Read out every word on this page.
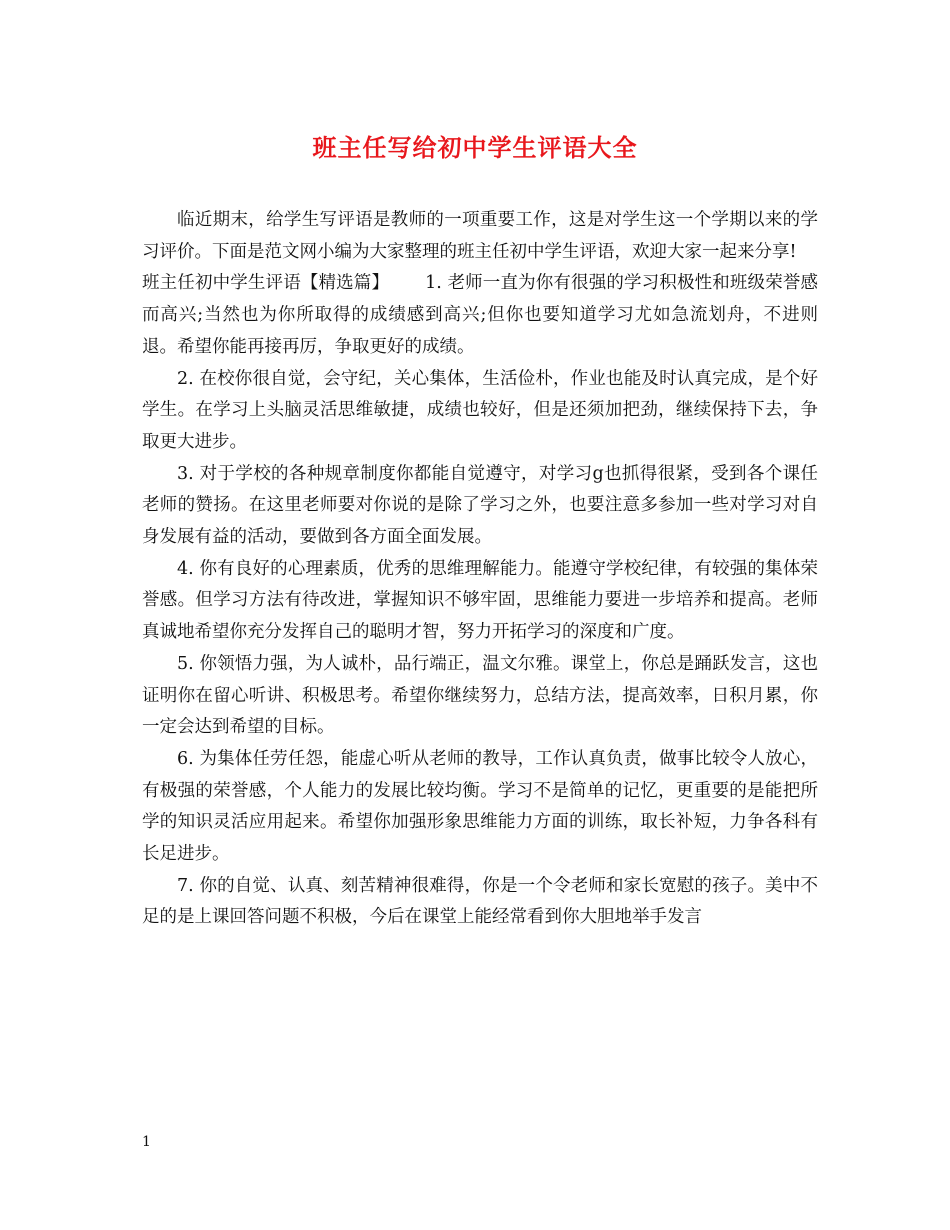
班主任写给初中学生评语大全

临近期末，给学生写评语是教师的一项重要工作，这是对学生这一个学期以来的学习评价。下面是范文网小编为大家整理的班主任初中学生评语，欢迎大家一起来分享!

班主任初中学生评语【精选篇】 1. 老师一直为你有很强的学习积极性和班级荣誉感而高兴;当然也为你所取得的成绩感到高兴;但你也要知道学习尤如急流划舟，不进则退。希望你能再接再厉，争取更好的成绩。

2. 在校你很自觉，会守纪，关心集体，生活俭朴，作业也能及时认真完成，是个好学生。在学习上头脑灵活思维敏捷，成绩也较好，但是还须加把劲，继续保持下去，争取更大进步。

3. 对于学校的各种规章制度你都能自觉遵守，对学习g也抓得很紧，受到各个课任老师的赞扬。在这里老师要对你说的是除了学习之外，也要注意多参加一些对学习对自身发展有益的活动，要做到各方面全面发展。

4. 你有良好的心理素质，优秀的思维理解能力。能遵守学校纪律，有较强的集体荣誉感。但学习方法有待改进，掌握知识不够牢固，思维能力要进一步培养和提高。老师真诚地希望你充分发挥自己的聪明才智，努力开拓学习的深度和广度。

5. 你领悟力强，为人诚朴，品行端正，温文尔雅。课堂上，你总是踊跃发言，这也证明你在留心听讲、积极思考。希望你继续努力，总结方法，提高效率，日积月累，你一定会达到希望的目标。

6. 为集体任劳任怨，能虚心听从老师的教导，工作认真负责，做事比较令人放心，有极强的荣誉感，个人能力的发展比较均衡。学习不是简单的记忆，更重要的是能把所学的知识灵活应用起来。希望你加强形象思维能力方面的训练，取长补短，力争各科有长足进步。

7. 你的自觉、认真、刻苦精神很难得，你是一个令老师和家长宽慰的孩子。美中不足的是上课回答问题不积极，今后在课堂上能经常看到你大胆地举手发言

1
